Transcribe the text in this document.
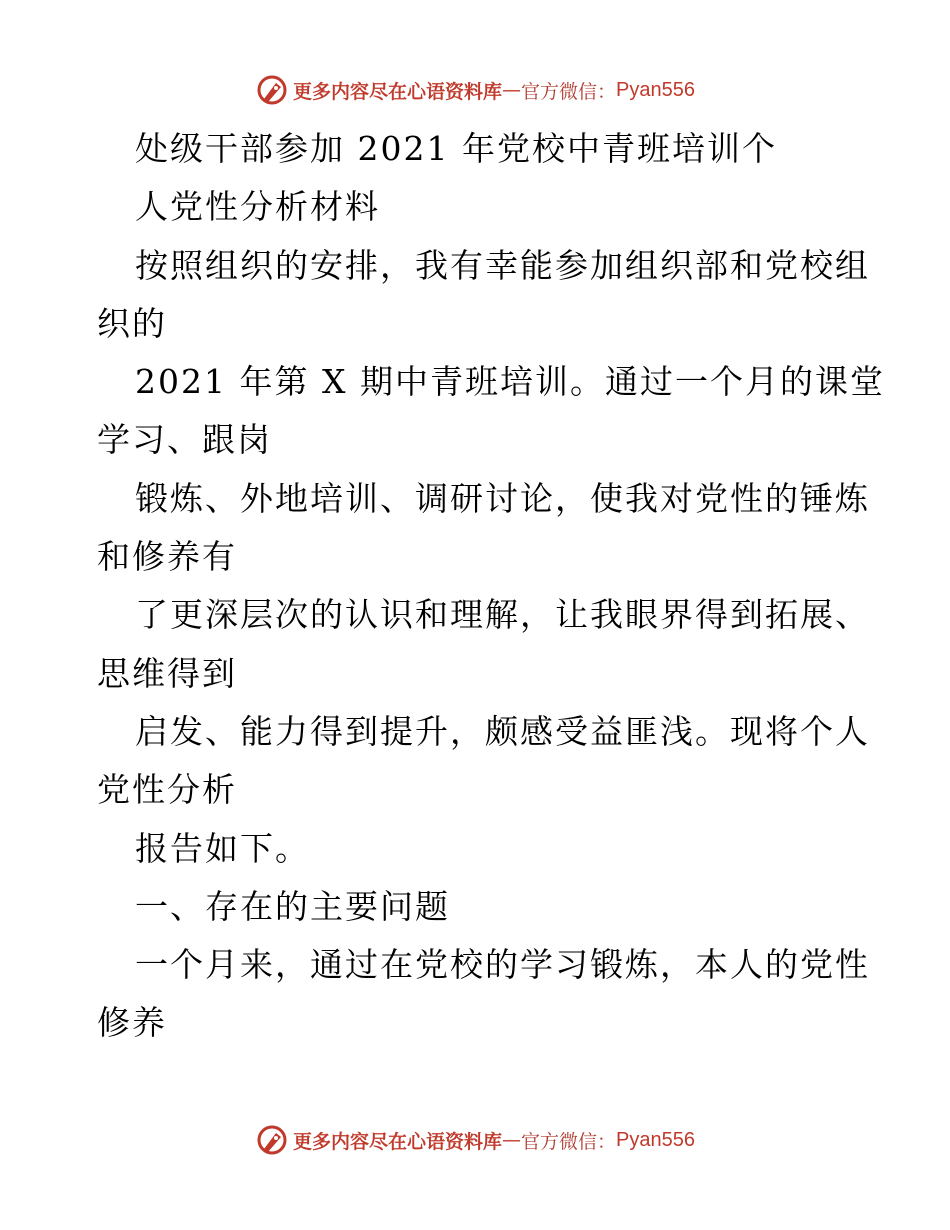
更多内容尽在心语资料库 — 官方微信： Pyan556
处级干部参加 2021 年党校中青班培训个
人党性分析材料
按照组织的安排，我有幸能参加组织部和党校组
织的
2021 年第 X 期中青班培训。通过一个月的课堂
学习、跟岗
锻炼、外地培训、调研讨论，使我对党性的锤炼
和修养有
了更深层次的认识和理解，让我眼界得到拓展、
思维得到
启发、能力得到提升，颇感受益匪浅。现将个人
党性分析
报告如下。
一、存在的主要问题
一个月来，通过在党校的学习锻炼，本人的党性
修养
更多内容尽在心语资料库 — 官方微信： Pyan556
